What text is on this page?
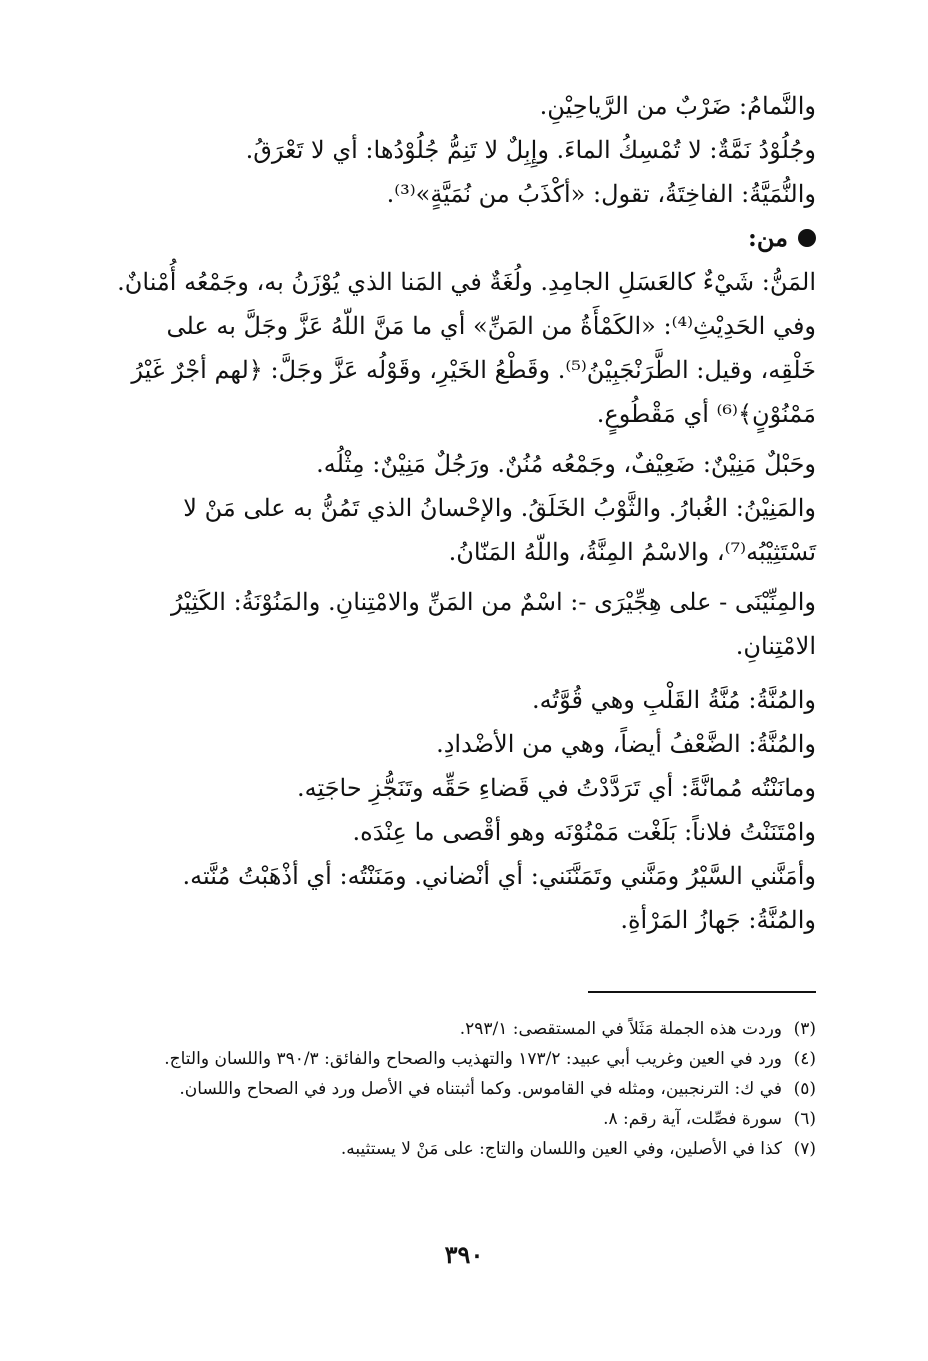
والنَّمامُ: ضَرْبٌ من الرَّياحِيْنِ.

وجُلُوْدُ نَمَّةٌ: لا تُمْسِكُ الماءَ. وإِبِلٌ لا تَنِمُّ جُلُوْدُها: أي لا تَعْرَقُ.

والنُّمَيَّةُ: الفاخِتَةُ، تقول: «أكْذَبُ من نُمَيَّةٍ»⁽³⁾.

من:

المَنُّ: شَيْءٌ كالعَسَلِ الجامِدِ. ولُغَةٌ في المَنا الذي يُوْزَنُ به، وجَمْعُه أُمْنانٌ. وفي الحَدِيْثِ⁽⁴⁾: «الكَمْأَةُ من المَنِّ» أي ما مَنَّ اللّهُ عَزَّ وجَلَّ به على خَلْقِه، وقيل: الطَّرَنْجَبِيْنُ⁽⁵⁾. وقَطْعُ الخَيْرِ، وقَوْلُه عَزَّ وجَلَّ: ﴿لهم أجْرٌ غَيْرُ مَمْنُوْنٍ﴾⁽⁶⁾ أي مَقْطُوعٍ.

وحَبْلٌ مَنِيْنٌ: ضَعِيْفٌ، وجَمْعُه مُنُنٌ. ورَجُلٌ مَنِيْنٌ: مِثْلُه.

والمَنِيْنُ: الغُبارُ. والثَّوْبُ الخَلَقُ. والإحْسانُ الذي تَمُنُّ به على مَنْ لا تَسْتَثِيْبُه⁽⁷⁾، والاسْمُ المِنَّةُ، واللّهُ المَنّانُ.

والمِنِّيْنَى - على هِجِّيْرَى -: اسْمٌ من المَنِّ والامْتِنانِ. والمَنُوْنَةُ: الكَثِيْرُ الامْتِنانِ.

والمُنَّةُ: مُنَّةُ القَلْبِ وهي قُوَّتُه.

والمُنَّةُ: الضَّعْفُ أيضاً، وهي من الأضْدادِ.

ومانَنْتُه مُمانَّةً: أي تَرَدَّدْتُ في قَضاءِ حَقِّه وتَنَجُّزِ حاجَتِه.

وامْتَنَنْتُ فلاناً: بَلَغْت مَمْنُوْنَه وهو أقْصى ما عِنْدَه.

وأمَنَّني السَّيْرُ ومَنَّني وتَمَنَّنَني: أي أنْضاني. ومَنَنْتُه: أي أذْهَبْتُ مُنَّته.

والمُنَّةُ: جَهازُ المَرْأةِ.

(٣)وردت هذه الجملة مَثَلاً في المستقصى: ٢٩٣/١.

(٤)ورد في العين وغريب أبي عبيد: ١٧٣/٢ والتهذيب والصحاح والفائق: ٣٩٠/٣ واللسان والتاج.

(٥)في ك: الترنجبين، ومثله في القاموس. وكما أثبتناه في الأصل ورد في الصحاح واللسان.

(٦)سورة فصِّلت، آية رقم: ٨.

(٧)كذا في الأصلين، وفي العين واللسان والتاج: على مَنْ لا يستثيبه.

٣٩٠
